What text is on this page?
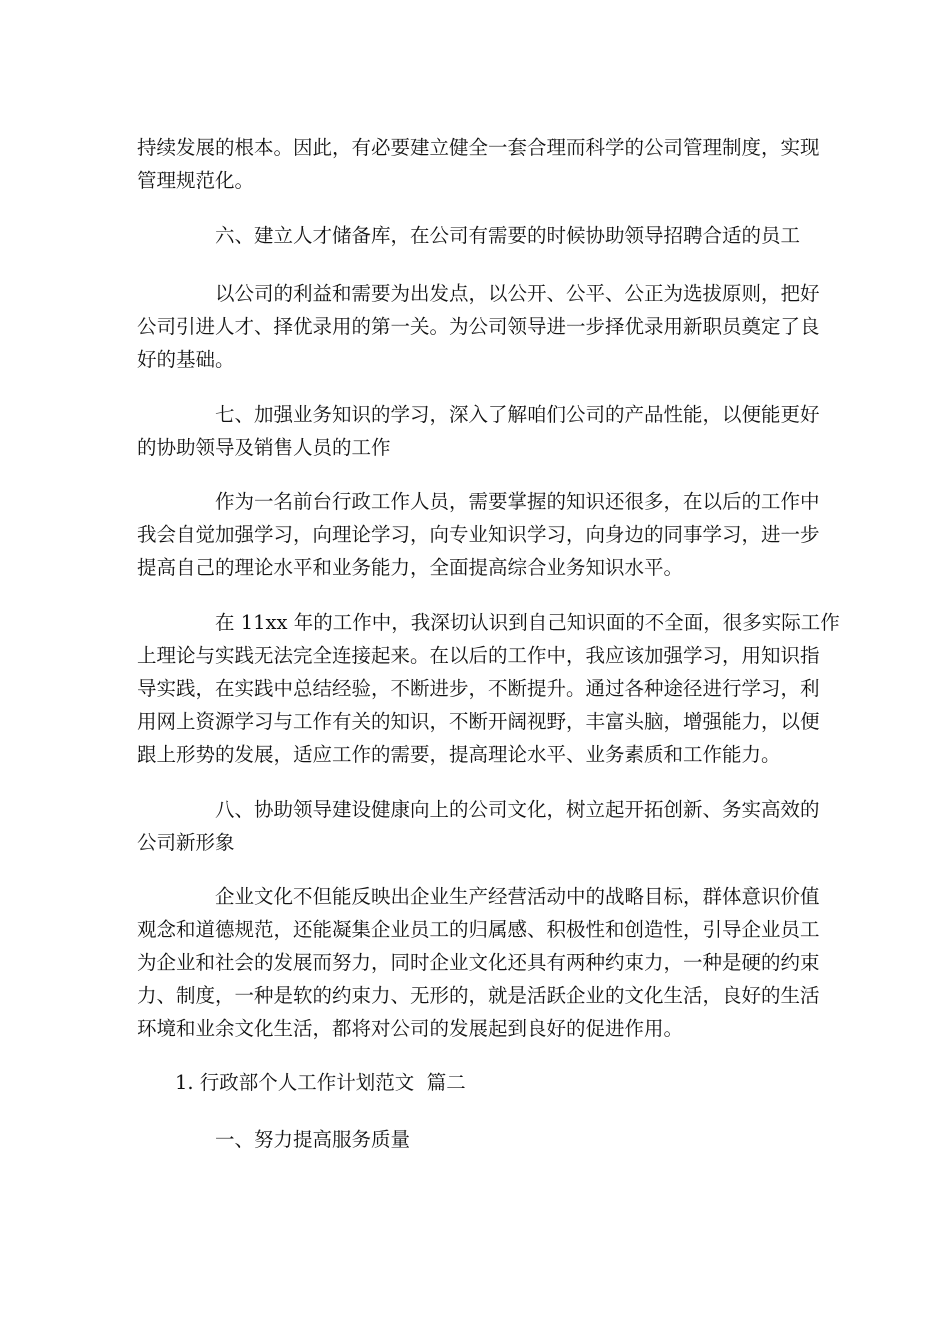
持续发展的根本。因此，有必要建立健全一套合理而科学的公司管理制度，实现
管理规范化。

六、建立人才储备库，在公司有需要的时候协助领导招聘合适的员工

以公司的利益和需要为出发点，以公开、公平、公正为选拔原则，把好
公司引进人才、择优录用的第一关。为公司领导进一步择优录用新职员奠定了良
好的基础。

七、加强业务知识的学习，深入了解咱们公司的产品性能，以便能更好
的协助领导及销售人员的工作

作为一名前台行政工作人员，需要掌握的知识还很多，在以后的工作中
我会自觉加强学习，向理论学习，向专业知识学习，向身边的同事学习，进一步
提高自己的理论水平和业务能力，全面提高综合业务知识水平。

在 11xx 年的工作中，我深切认识到自己知识面的不全面，很多实际工作
上理论与实践无法完全连接起来。在以后的工作中，我应该加强学习，用知识指
导实践，在实践中总结经验，不断进步，不断提升。通过各种途径进行学习，利
用网上资源学习与工作有关的知识，不断开阔视野，丰富头脑，增强能力，以便
跟上形势的发展，适应工作的需要，提高理论水平、业务素质和工作能力。

八、协助领导建设健康向上的公司文化，树立起开拓创新、务实高效的
公司新形象

企业文化不但能反映出企业生产经营活动中的战略目标，群体意识价值
观念和道德规范，还能凝集企业员工的归属感、积极性和创造性，引导企业员工
为企业和社会的发展而努力，同时企业文化还具有两种约束力，一种是硬的约束
力、制度，一种是软的约束力、无形的，就是活跃企业的文化生活，良好的生活
环境和业余文化生活，都将对公司的发展起到良好的促进作用。

1. 行政部个人工作计划范文  篇二

一、努力提高服务质量
